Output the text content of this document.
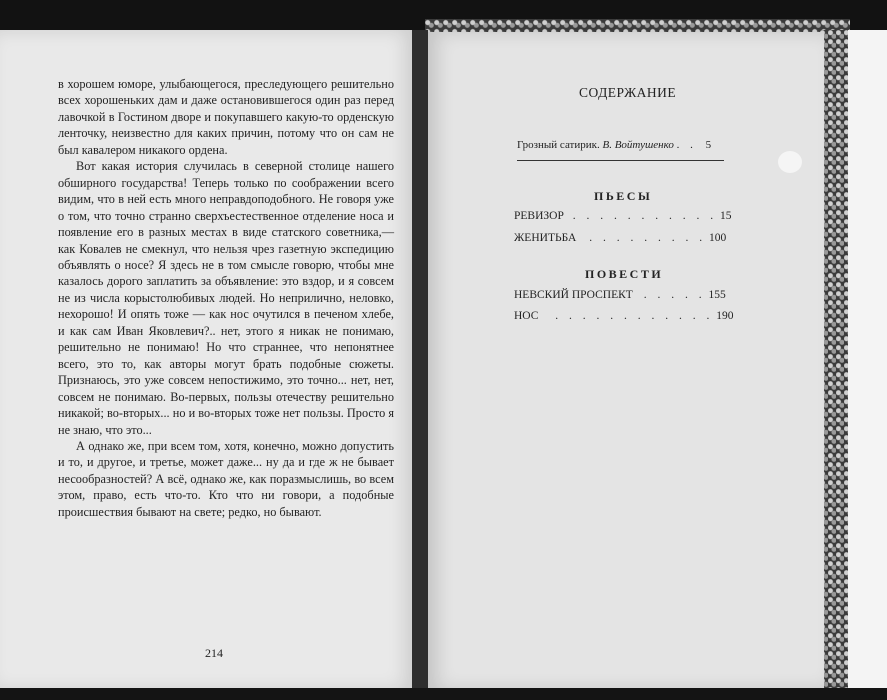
в хорошем юморе, улыбающегося, преследующего решительно всех хорошеньких дам и даже остановившегося один раз перед лавочкой в Гостином дворе и покупавшего какую-то орденскую ленточку, неизвестно для каких причин, потому что он сам не был кавалером никакого ордена.

Вот какая история случилась в северной столице нашего обширного государства! Теперь только по соображении всего видим, что в ней есть много неправдоподобного. Не говоря уже о том, что точно странно сверхъестественное отделение носа и появление его в разных местах в виде статского советника,— как Ковалев не смекнул, что нельзя чрез газетную экспедицию объявлять о носе? Я здесь не в том смысле говорю, чтобы мне казалось дорого заплатить за объявление: это вздор, и я совсем не из числа корыстолюбивых людей. Но неприлично, неловко, нехорошо! И опять тоже — как нос очутился в печеном хлебе, и как сам Иван Яковлевич?.. нет, этого я никак не понимаю, решительно не понимаю! Но что страннее, что непонятнее всего, это то, как авторы могут брать подобные сюжеты. Признаюсь, это уже совсем непостижимо, это точно... нет, нет, совсем не понимаю. Во-первых, пользы отечеству решительно никакой; во-вторых... но и во-вторых тоже нет пользы. Просто я не знаю, что это...

А однако же, при всем том, хотя, конечно, можно допустить и то, и другое, и третье, может даже... ну да и где ж не бывает несообразностей? А всё, однако же, как поразмыслишь, во всем этом, право, есть что-то. Кто что ни говори, а подобные происшествия бывают на свете; редко, но бывают.

214
СОДЕРЖАНИЕ
Грозный сатирик. В. Войтушенко . . 5
ПЬЕСЫ
РЕВИЗОР . . . . . . . . . . . 15
ЖЕНИТЬБА . . . . . . . . . 100
ПОВЕСТИ
НЕВСКИЙ ПРОСПЕКТ . . . . . 155
НОС . . . . . . . . . . . . 190
